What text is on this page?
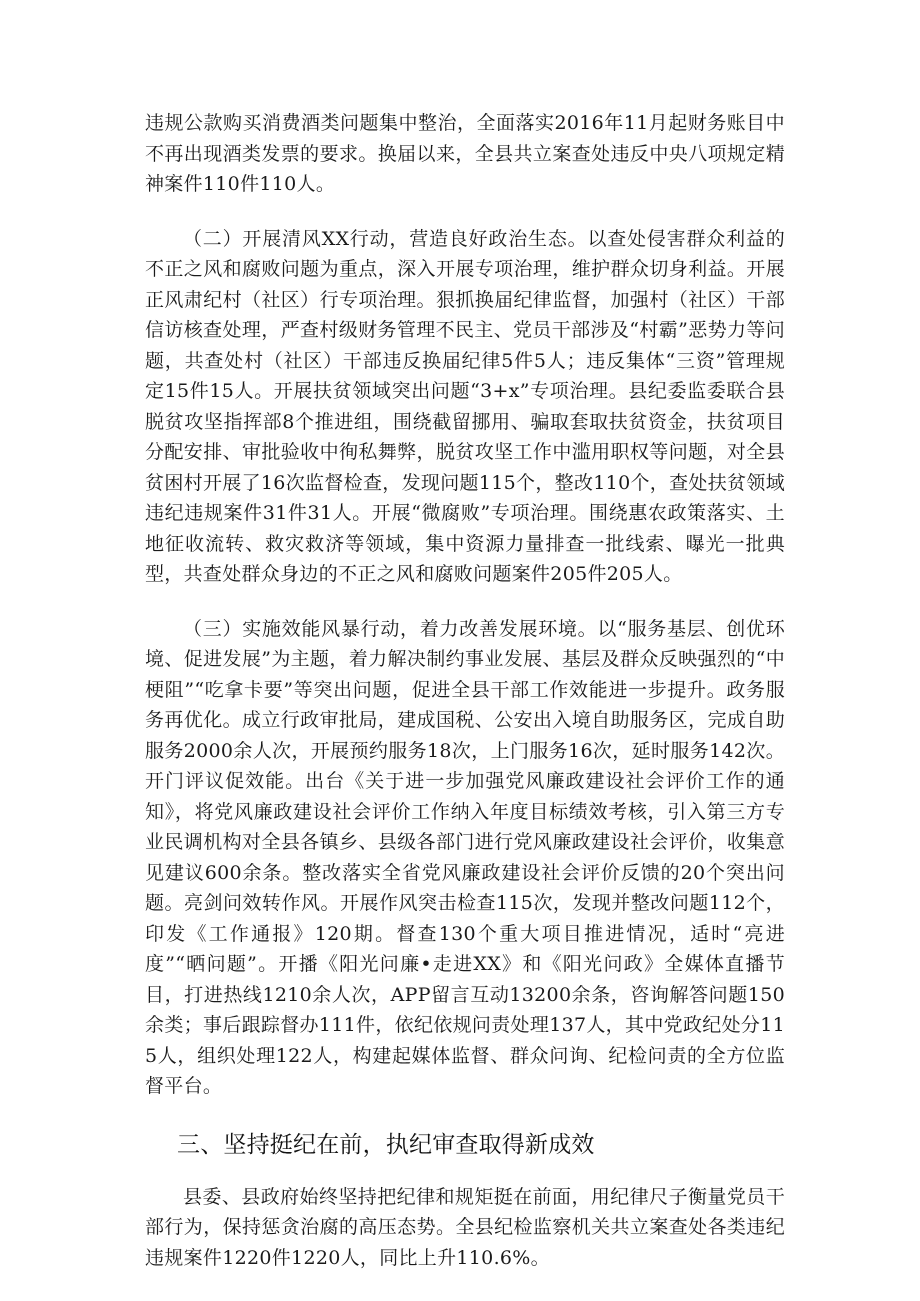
违规公款购买消费酒类问题集中整治，全面落实2016年11月起财务账目中不再出现酒类发票的要求。换届以来，全县共立案查处违反中央八项规定精神案件110件110人。

（二）开展清风XX行动，营造良好政治生态。以查处侵害群众利益的不正之风和腐败问题为重点，深入开展专项治理，维护群众切身利益。开展正风肃纪村（社区）行专项治理。狠抓换届纪律监督，加强村（社区）干部信访核查处理，严查村级财务管理不民主、党员干部涉及“村霸”恶势力等问题，共查处村（社区）干部违反换届纪律5件5人；违反集体“三资”管理规定15件15人。开展扶贫领域突出问题“3+x”专项治理。县纪委监委联合县脱贫攻坚指挥部8个推进组，围绕截留挪用、骗取套取扶贫资金，扶贫项目分配安排、审批验收中徇私舞弊，脱贫攻坚工作中滥用职权等问题，对全县贫困村开展了16次监督检查，发现问题115个，整改110个，查处扶贫领域违纪违规案件31件31人。开展“微腐败”专项治理。围绕惠农政策落实、土地征收流转、救灾救济等领域，集中资源力量排查一批线索、曝光一批典型，共查处群众身边的不正之风和腐败问题案件205件205人。

（三）实施效能风暴行动，着力改善发展环境。以“服务基层、创优环境、促进发展”为主题，着力解决制约事业发展、基层及群众反映强烈的“中梗阻”“吃拿卡要”等突出问题，促进全县干部工作效能进一步提升。政务服务再优化。成立行政审批局，建成国税、公安出入境自助服务区，完成自助服务2000余人次，开展预约服务18次，上门服务16次，延时服务142次。开门评议促效能。出台《关于进一步加强党风廉政建设社会评价工作的通知》，将党风廉政建设社会评价工作纳入年度目标绩效考核，引入第三方专业民调机构对全县各镇乡、县级各部门进行党风廉政建设社会评价，收集意见建议600余条。整改落实全省党风廉政建设社会评价反馈的20个突出问题。亮剑问效转作风。开展作风突击检查115次，发现并整改问题112个，印发《工作通报》120期。督查130个重大项目推进情况，适时“亮进度”“晒问题”。开播《阳光问廉•走进XX》和《阳光问政》全媒体直播节目，打进热线1210余人次，APP留言互动13200余条，咨询解答问题150余类；事后跟踪督办111件，依纪依规问责处理137人，其中党政纪处分115人，组织处理122人，构建起媒体监督、群众问询、纪检问责的全方位监督平台。

三、坚持挺纪在前，执纪审查取得新成效

县委、县政府始终坚持把纪律和规矩挺在前面，用纪律尺子衡量党员干部行为，保持惩贪治腐的高压态势。全县纪检监察机关共立案查处各类违纪违规案件1220件1220人，同比上升110.6%。
